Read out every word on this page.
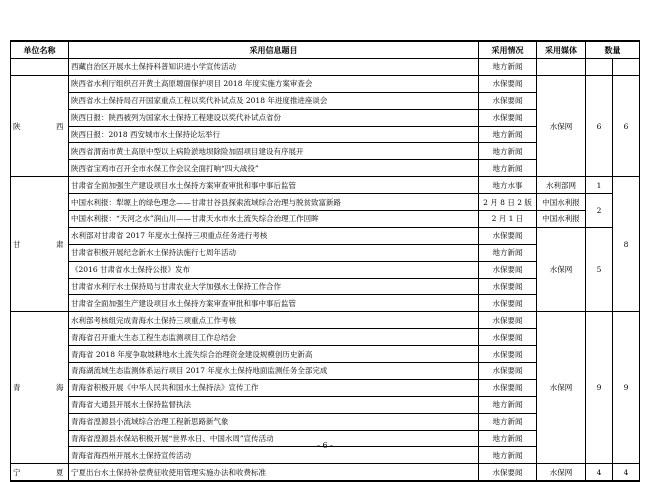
单位名称	采用信息题目	采用情况	采用媒体	数量	
	西藏自治区开展水土保持科普知识进小学宣传活动	地方新闻			
陕　西	陕西省水利厅组织召开黄土高原塬面保护项目 2018 年度实施方案审查会	水保要闻	水保网	6	6
	陕西省水土保持局召开国家重点工程以奖代补试点及 2018 年进度推进座谈会	水保要闻			
	陕西日报：陕西被列为国家水土保持工程建设以奖代补试点省份	水保要闻			
	陕西日报：2018 西安城市水土保持论坛举行	地方新闻			
	陕西省渭南市黄土高原中型以上病险淤地坝除险加固项目建设有序展开	地方新闻			
	陕西省宝鸡市召开全市水保工作会议全面打响“四大战役”	地方新闻			
甘　肃	甘肃省全面加强生产建设项目水土保持方案审查审批和事中事后监管	地方水事	水利部网	1	8
	中国水利报：犁塬上的绿色理念——甘肃甘谷县探索流域综合治理与脱贫致富新路	2 月 8 日 2 版	中国水利报	2	
	中国水利报：“天河之水”润山川——甘肃天水市水土流失综合治理工作回眸	2 月 1 日	中国水利报		
	水利部对甘肃省 2017 年度水土保持三项重点任务进行考核	水保要闻	水保网	5	
	甘肃省积极开展纪念新水土保持法施行七周年活动	地方新闻			
	《2016 甘肃省水土保持公报》发布	水保要闻			
	甘肃省水利厅水土保持局与甘肃农业大学加强水土保持工作合作	水保要闻			
	甘肃省全面加强生产建设项目水土保持方案审查审批和事中事后监管	水保要闻			
青　海	水利部考核组完成青海水土保持三项重点工作考核	水保要闻	水保网	9	9
	青海省召开重大生态工程生态监测项目工作总结会	水保要闻			
	青海省 2018 年度争取坡耕地水土流失综合治理资金建设规模创历史新高	水保要闻			
	青海湖流域生态监测体系运行项目 2017 年度水土保持地面监测任务全部完成	水保要闻			
	青海省积极开展《中华人民共和国水土保持法》宣传工作	水保要闻			
	青海省大通县开展水土保持监督执法	地方新闻			
	青海省湟源县小流域综合治理工程新思路新气象	地方新闻			
	青海省湟源县水保站积极开展“世界水日、中国水周”宣传活动	地方新闻			
	青海省海西州开展水土保持宣传活动	地方新闻			
宁　夏	宁夏出台水土保持补偿费征收使用管理实施办法和收费标准	水保要闻	水保网	4	4
- 6 -
